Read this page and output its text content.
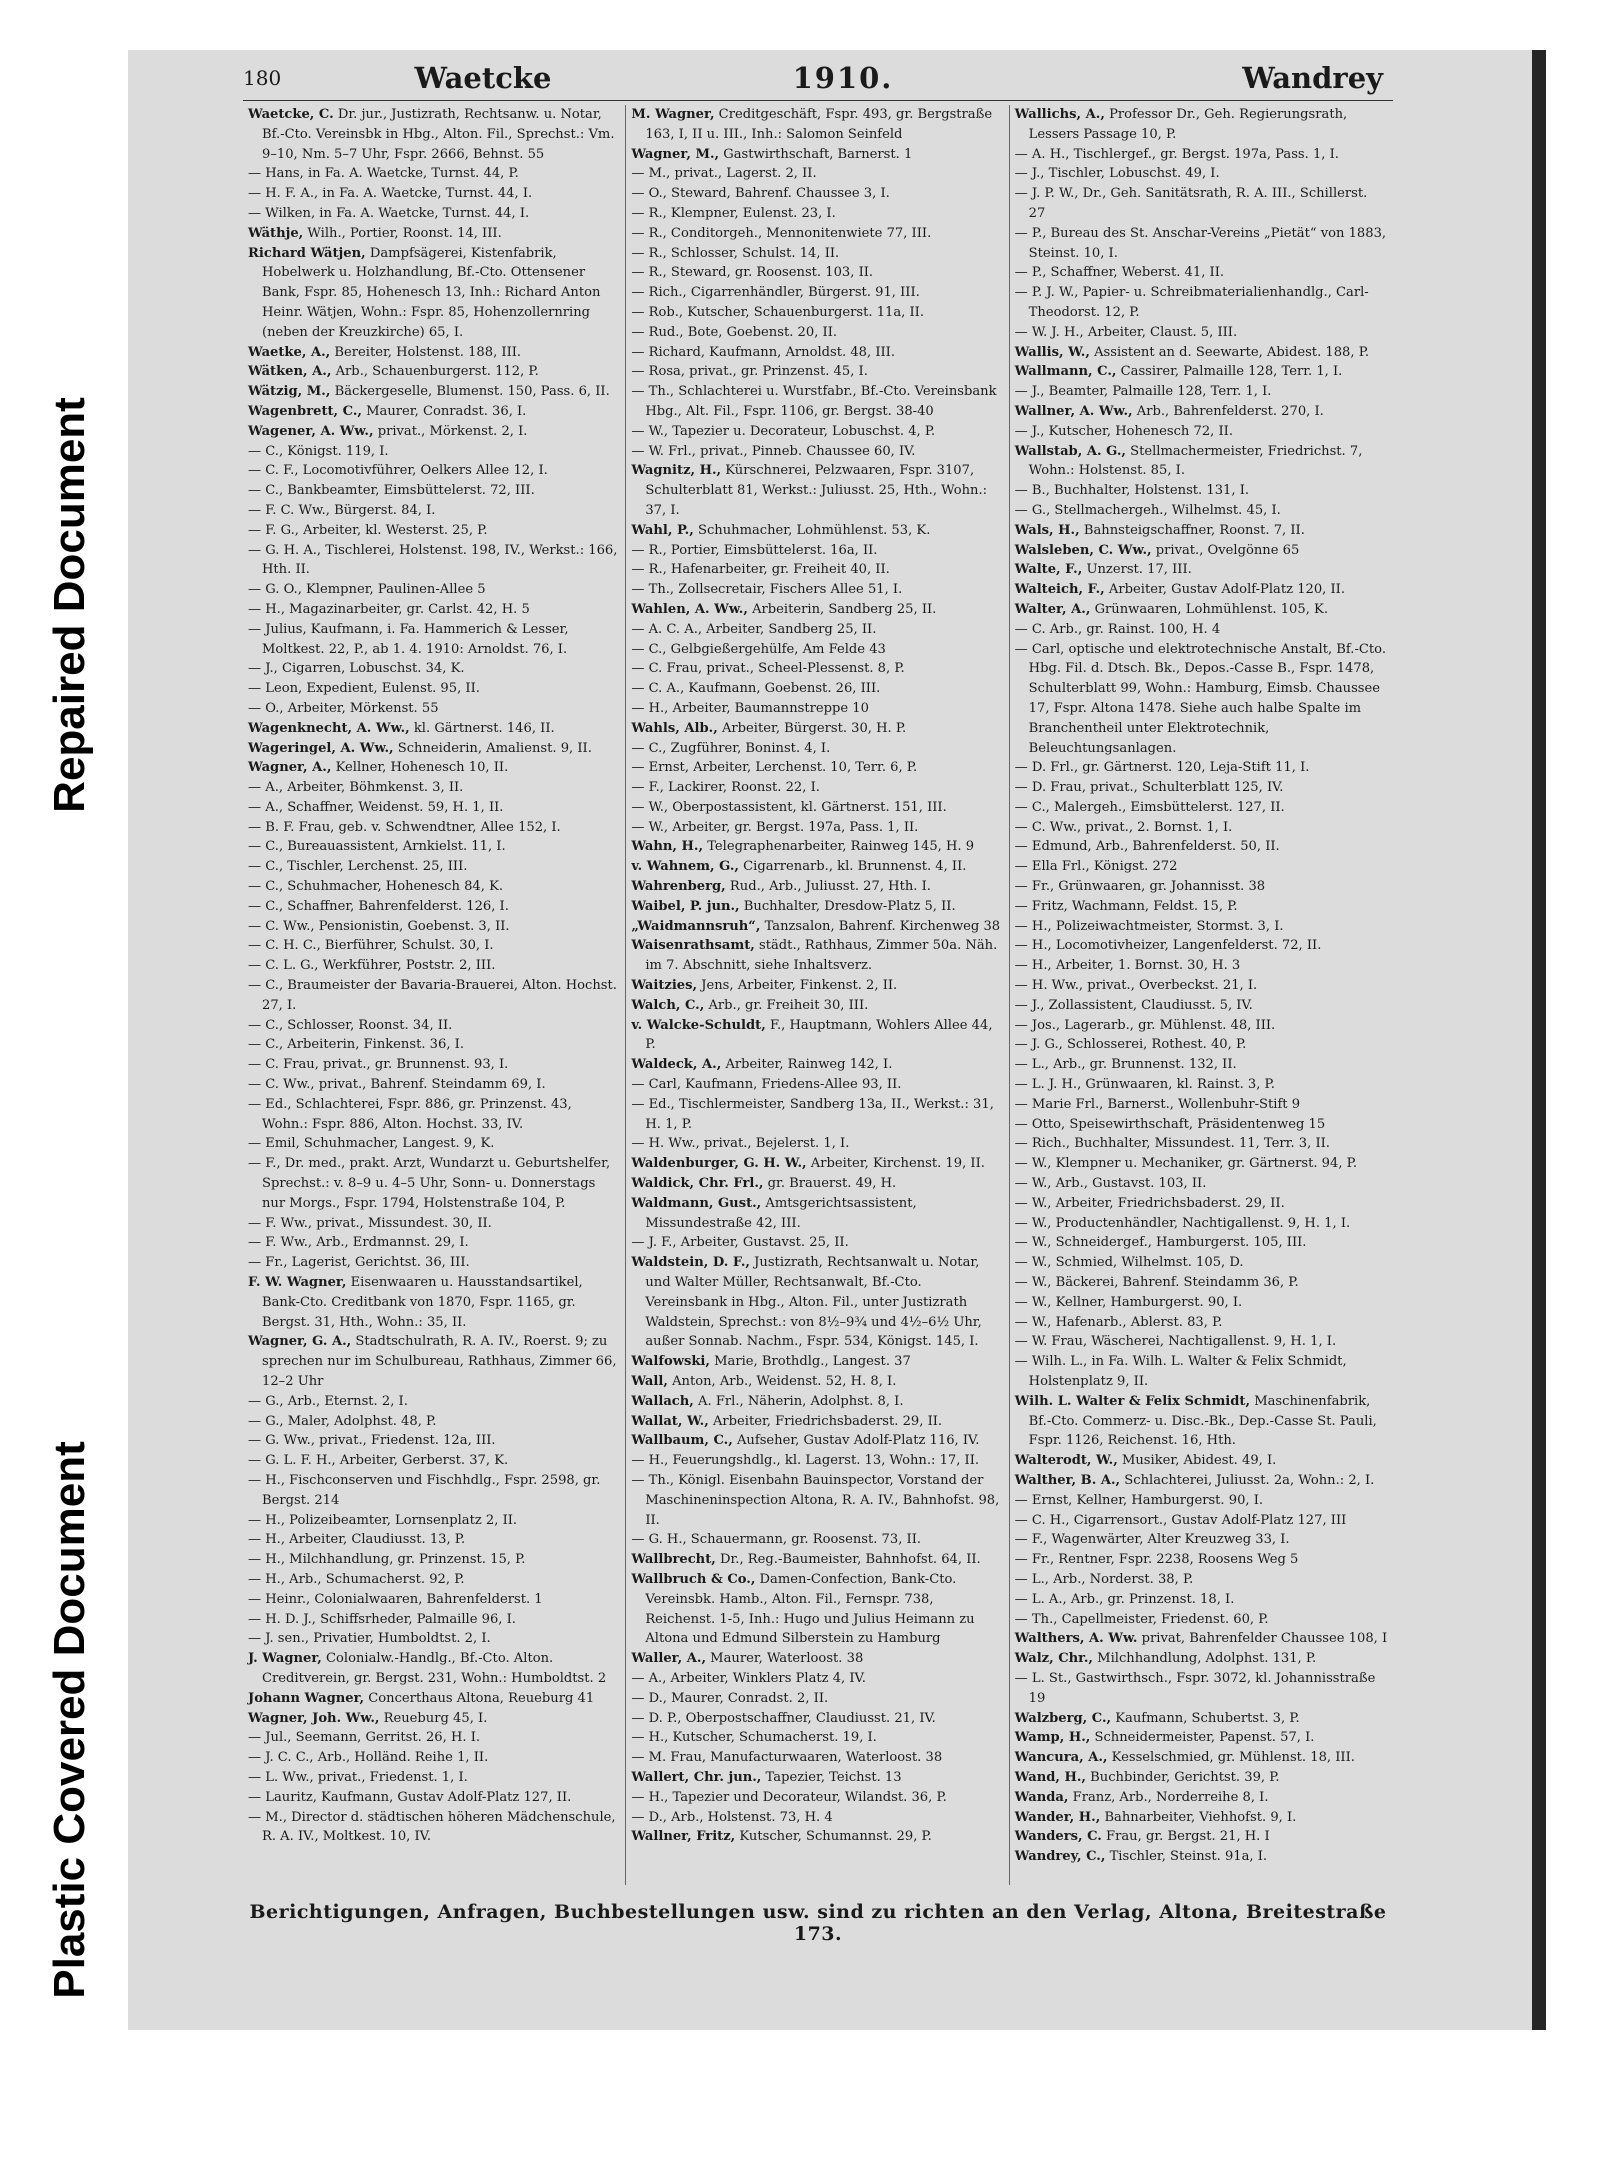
Repaired Document
Plastic Covered Document
180	Waetcke	1910.	Wandrey

Waetcke, C. Dr. jur., Justizrath, Rechtsanw. u. Notar, Bf.-Cto. Vereinsbk in Hbg., Alton. Fil., Sprechst.: Vm. 9–10, Nm. 5–7 Uhr, Fspr. 2666, Behnst. 55

— Hans, in Fa. A. Waetcke, Turnst. 44, P.

— H. F. A., in Fa. A. Waetcke, Turnst. 44, I.

— Wilken, in Fa. A. Waetcke, Turnst. 44, I.

Wäthje, Wilh., Portier, Roonst. 14, III.

Richard Wätjen, Dampfsägerei, Kistenfabrik, Hobelwerk u. Holzhandlung, Bf.-Cto. Ottensener Bank, Fspr. 85, Hohenesch 13, Inh.: Richard Anton Heinr. Wätjen, Wohn.: Fspr. 85, Hohenzollernring (neben der Kreuzkirche) 65, I.

Waetke, A., Bereiter, Holstenst. 188, III.

Wätken, A., Arb., Schauenburgerst. 112, P.

Wätzig, M., Bäckergeselle, Blumenst. 150, Pass. 6, II.

Wagenbrett, C., Maurer, Conradst. 36, I.

Wagener, A. Ww., privat., Mörkenst. 2, I.

— C., Königst. 119, I.

— C. F., Locomotivführer, Oelkers Allee 12, I.

— C., Bankbeamter, Eimsbüttelerst. 72, III.

— F. C. Ww., Bürgerst. 84, I.

— F. G., Arbeiter, kl. Westerst. 25, P.

— G. H. A., Tischlerei, Holstenst. 198, IV., Werkst.: 166, Hth. II.

— G. O., Klempner, Paulinen-Allee 5

— H., Magazinarbeiter, gr. Carlst. 42, H. 5

— Julius, Kaufmann, i. Fa. Hammerich & Lesser, Moltkest. 22, P., ab 1. 4. 1910: Arnoldst. 76, I.

— J., Cigarren, Lobuschst. 34, K.

— Leon, Expedient, Eulenst. 95, II.

— O., Arbeiter, Mörkenst. 55

Wagenknecht, A. Ww., kl. Gärtnerst. 146, II.

Wageringel, A. Ww., Schneiderin, Amalienst. 9, II.

Wagner, A., Kellner, Hohenesch 10, II.

— A., Arbeiter, Böhmkenst. 3, II.

— A., Schaffner, Weidenst. 59, H. 1, II.

— B. F. Frau, geb. v. Schwendtner, Allee 152, I.

— C., Bureauassistent, Arnkielst. 11, I.

— C., Tischler, Lerchenst. 25, III.

— C., Schuhmacher, Hohenesch 84, K.

— C., Schaffner, Bahrenfelderst. 126, I.

— C. Ww., Pensionistin, Goebenst. 3, II.

— C. H. C., Bierführer, Schulst. 30, I.

— C. L. G., Werkführer, Poststr. 2, III.

— C., Braumeister der Bavaria-Brauerei, Alton. Hochst. 27, I.

— C., Schlosser, Roonst. 34, II.

— C., Arbeiterin, Finkenst. 36, I.

— C. Frau, privat., gr. Brunnenst. 93, I.

— C. Ww., privat., Bahrenf. Steindamm 69, I.

— Ed., Schlachterei, Fspr. 886, gr. Prinzenst. 43, Wohn.: Fspr. 886, Alton. Hochst. 33, IV.

— Emil, Schuhmacher, Langest. 9, K.

— F., Dr. med., prakt. Arzt, Wundarzt u. Geburtshelfer, Sprechst.: v. 8–9 u. 4–5 Uhr, Sonn- u. Donnerstags nur Morgs., Fspr. 1794, Holstenstraße 104, P.

— F. Ww., privat., Missundest. 30, II.

— F. Ww., Arb., Erdmannst. 29, I.

— Fr., Lagerist, Gerichtst. 36, III.

F. W. Wagner, Eisenwaaren u. Hausstandsartikel, Bank-Cto. Creditbank von 1870, Fspr. 1165, gr. Bergst. 31, Hth., Wohn.: 35, II.

Wagner, G. A., Stadtschulrath, R. A. IV., Roerst. 9; zu sprechen nur im Schulbureau, Rathhaus, Zimmer 66, 12–2 Uhr

— G., Arb., Eternst. 2, I.

— G., Maler, Adolphst. 48, P.

— G. Ww., privat., Friedenst. 12a, III.

— G. L. F. H., Arbeiter, Gerberst. 37, K.

— H., Fischconserven und Fischhdlg., Fspr. 2598, gr. Bergst. 214

— H., Polizeibeamter, Lornsenplatz 2, II.

— H., Arbeiter, Claudiusst. 13, P.

— H., Milchhandlung, gr. Prinzenst. 15, P.

— H., Arb., Schumacherst. 92, P.

— Heinr., Colonialwaaren, Bahrenfelderst. 1

— H. D. J., Schiffsrheder, Palmaille 96, I.

— J. sen., Privatier, Humboldtst. 2, I.

J. Wagner, Colonialw.-Handlg., Bf.-Cto. Alton. Creditverein, gr. Bergst. 231, Wohn.: Humboldtst. 2

Johann Wagner, Concerthaus Altona, Reueburg 41

Wagner, Joh. Ww., Reueburg 45, I.

— Jul., Seemann, Gerritst. 26, H. I.

— J. C. C., Arb., Holländ. Reihe 1, II.

— L. Ww., privat., Friedenst. 1, I.

— Lauritz, Kaufmann, Gustav Adolf-Platz 127, II.

— M., Director d. städtischen höheren Mädchenschule, R. A. IV., Moltkest. 10, IV.

M. Wagner, Creditgeschäft, Fspr. 493, gr. Bergstraße 163, I, II u. III., Inh.: Salomon Seinfeld

Wagner, M., Gastwirthschaft, Barnerst. 1

— M., privat., Lagerst. 2, II.

— O., Steward, Bahrenf. Chaussee 3, I.

— R., Klempner, Eulenst. 23, I.

— R., Conditorgeh., Mennonitenwiete 77, III.

— R., Schlosser, Schulst. 14, II.

— R., Steward, gr. Roosenst. 103, II.

— Rich., Cigarrenhändler, Bürgerst. 91, III.

— Rob., Kutscher, Schauenburgerst. 11a, II.

— Rud., Bote, Goebenst. 20, II.

— Richard, Kaufmann, Arnoldst. 48, III.

— Rosa, privat., gr. Prinzenst. 45, I.

— Th., Schlachterei u. Wurstfabr., Bf.-Cto. Vereinsbank Hbg., Alt. Fil., Fspr. 1106, gr. Bergst. 38-40

— W., Tapezier u. Decorateur, Lobuschst. 4, P.

— W. Frl., privat., Pinneb. Chaussee 60, IV.

Wagnitz, H., Kürschnerei, Pelzwaaren, Fspr. 3107, Schulterblatt 81, Werkst.: Juliusst. 25, Hth., Wohn.: 37, I.

Wahl, P., Schuhmacher, Lohmühlenst. 53, K.

— R., Portier, Eimsbüttelerst. 16a, II.

— R., Hafenarbeiter, gr. Freiheit 40, II.

— Th., Zollsecretair, Fischers Allee 51, I.

Wahlen, A. Ww., Arbeiterin, Sandberg 25, II.

— A. C. A., Arbeiter, Sandberg 25, II.

— C., Gelbgießergehülfe, Am Felde 43

— C. Frau, privat., Scheel-Plessenst. 8, P.

— C. A., Kaufmann, Goebenst. 26, III.

— H., Arbeiter, Baumannstreppe 10

Wahls, Alb., Arbeiter, Bürgerst. 30, H. P.

— C., Zugführer, Boninst. 4, I.

— Ernst, Arbeiter, Lerchenst. 10, Terr. 6, P.

— F., Lackirer, Roonst. 22, I.

— W., Oberpostassistent, kl. Gärtnerst. 151, III.

— W., Arbeiter, gr. Bergst. 197a, Pass. 1, II.

Wahn, H., Telegraphenarbeiter, Rainweg 145, H. 9

v. Wahnem, G., Cigarrenarb., kl. Brunnenst. 4, II.

Wahrenberg, Rud., Arb., Juliusst. 27, Hth. I.

Waibel, P. jun., Buchhalter, Dresdow-Platz 5, II.

„Waidmannsruh“, Tanzsalon, Bahrenf. Kirchenweg 38

Waisenrathsamt, städt., Rathhaus, Zimmer 50a. Näh. im 7. Abschnitt, siehe Inhaltsverz.

Waitzies, Jens, Arbeiter, Finkenst. 2, II.

Walch, C., Arb., gr. Freiheit 30, III.

v. Walcke-Schuldt, F., Hauptmann, Wohlers Allee 44, P.

Waldeck, A., Arbeiter, Rainweg 142, I.

— Carl, Kaufmann, Friedens-Allee 93, II.

— Ed., Tischlermeister, Sandberg 13a, II., Werkst.: 31, H. 1, P.

— H. Ww., privat., Bejelerst. 1, I.

Waldenburger, G. H. W., Arbeiter, Kirchenst. 19, II.

Waldick, Chr. Frl., gr. Brauerst. 49, H.

Waldmann, Gust., Amtsgerichtsassistent, Missundestraße 42, III.

— J. F., Arbeiter, Gustavst. 25, II.

Waldstein, D. F., Justizrath, Rechtsanwalt u. Notar, und Walter Müller, Rechtsanwalt, Bf.-Cto. Vereinsbank in Hbg., Alton. Fil., unter Justizrath Waldstein, Sprechst.: von 8½–9¾ und 4½–6½ Uhr, außer Sonnab. Nachm., Fspr. 534, Königst. 145, I.

Walfowski, Marie, Brothdlg., Langest. 37

Wall, Anton, Arb., Weidenst. 52, H. 8, I.

Wallach, A. Frl., Näherin, Adolphst. 8, I.

Wallat, W., Arbeiter, Friedrichsbaderst. 29, II.

Wallbaum, C., Aufseher, Gustav Adolf-Platz 116, IV.

— H., Feuerungshdlg., kl. Lagerst. 13, Wohn.: 17, II.

— Th., Königl. Eisenbahn Bauinspector, Vorstand der Maschineninspection Altona, R. A. IV., Bahnhofst. 98, II.

— G. H., Schauermann, gr. Roosenst. 73, II.

Wallbrecht, Dr., Reg.-Baumeister, Bahnhofst. 64, II.

Wallbruch & Co., Damen-Confection, Bank-Cto. Vereinsbk. Hamb., Alton. Fil., Fernspr. 738, Reichenst. 1-5, Inh.: Hugo und Julius Heimann zu Altona und Edmund Silberstein zu Hamburg

Waller, A., Maurer, Waterloost. 38

— A., Arbeiter, Winklers Platz 4, IV.

— D., Maurer, Conradst. 2, II.

— D. P., Oberpostschaffner, Claudiusst. 21, IV.

— H., Kutscher, Schumacherst. 19, I.

— M. Frau, Manufacturwaaren, Waterloost. 38

Wallert, Chr. jun., Tapezier, Teichst. 13

— H., Tapezier und Decorateur, Wilandst. 36, P.

— D., Arb., Holstenst. 73, H. 4

Wallner, Fritz, Kutscher, Schumannst. 29, P.

Wallichs, A., Professor Dr., Geh. Regierungsrath, Lessers Passage 10, P.

— A. H., Tischlergef., gr. Bergst. 197a, Pass. 1, I.

— J., Tischler, Lobuschst. 49, I.

— J. P. W., Dr., Geh. Sanitätsrath, R. A. III., Schillerst. 27

— P., Bureau des St. Anschar-Vereins „Pietät“ von 1883, Steinst. 10, I.

— P., Schaffner, Weberst. 41, II.

— P. J. W., Papier- u. Schreibmaterialienhandlg., Carl-Theodorst. 12, P.

— W. J. H., Arbeiter, Claust. 5, III.

Wallis, W., Assistent an d. Seewarte, Abidest. 188, P.

Wallmann, C., Cassirer, Palmaille 128, Terr. 1, I.

— J., Beamter, Palmaille 128, Terr. 1, I.

Wallner, A. Ww., Arb., Bahrenfelderst. 270, I.

— J., Kutscher, Hohenesch 72, II.

Wallstab, A. G., Stellmachermeister, Friedrichst. 7, Wohn.: Holstenst. 85, I.

— B., Buchhalter, Holstenst. 131, I.

— G., Stellmachergeh., Wilhelmst. 45, I.

Wals, H., Bahnsteigschaffner, Roonst. 7, II.

Walsleben, C. Ww., privat., Ovelgönne 65

Walte, F., Unzerst. 17, III.

Walteich, F., Arbeiter, Gustav Adolf-Platz 120, II.

Walter, A., Grünwaaren, Lohmühlenst. 105, K.

— C. Arb., gr. Rainst. 100, H. 4

— Carl, optische und elektrotechnische Anstalt, Bf.-Cto. Hbg. Fil. d. Dtsch. Bk., Depos.-Casse B., Fspr. 1478, Schulterblatt 99, Wohn.: Hamburg, Eimsb. Chaussee 17, Fspr. Altona 1478. Siehe auch halbe Spalte im Branchentheil unter Elektrotechnik, Beleuchtungsanlagen.

— D. Frl., gr. Gärtnerst. 120, Leja-Stift 11, I.

— D. Frau, privat., Schulterblatt 125, IV.

— C., Malergeh., Eimsbüttelerst. 127, II.

— C. Ww., privat., 2. Bornst. 1, I.

— Edmund, Arb., Bahrenfelderst. 50, II.

— Ella Frl., Königst. 272

— Fr., Grünwaaren, gr. Johannisst. 38

— Fritz, Wachmann, Feldst. 15, P.

— H., Polizeiwachtmeister, Stormst. 3, I.

— H., Locomotivheizer, Langenfelderst. 72, II.

— H., Arbeiter, 1. Bornst. 30, H. 3

— H. Ww., privat., Overbeckst. 21, I.

— J., Zollassistent, Claudiusst. 5, IV.

— Jos., Lagerarb., gr. Mühlenst. 48, III.

— J. G., Schlosserei, Rothest. 40, P.

— L., Arb., gr. Brunnenst. 132, II.

— L. J. H., Grünwaaren, kl. Rainst. 3, P.

— Marie Frl., Barnerst., Wollenbuhr-Stift 9

— Otto, Speisewirthschaft, Präsidentenweg 15

— Rich., Buchhalter, Missundest. 11, Terr. 3, II.

— W., Klempner u. Mechaniker, gr. Gärtnerst. 94, P.

— W., Arb., Gustavst. 103, II.

— W., Arbeiter, Friedrichsbaderst. 29, II.

— W., Productenhändler, Nachtigallenst. 9, H. 1, I.

— W., Schneidergef., Hamburgerst. 105, III.

— W., Schmied, Wilhelmst. 105, D.

— W., Bäckerei, Bahrenf. Steindamm 36, P.

— W., Kellner, Hamburgerst. 90, I.

— W., Hafenarb., Ablerst. 83, P.

— W. Frau, Wäscherei, Nachtigallenst. 9, H. 1, I.

— Wilh. L., in Fa. Wilh. L. Walter & Felix Schmidt, Holstenplatz 9, II.

Wilh. L. Walter & Felix Schmidt, Maschinenfabrik, Bf.-Cto. Commerz- u. Disc.-Bk., Dep.-Casse St. Pauli, Fspr. 1126, Reichenst. 16, Hth.

Walterodt, W., Musiker, Abidest. 49, I.

Walther, B. A., Schlachterei, Juliusst. 2a, Wohn.: 2, I.

— Ernst, Kellner, Hamburgerst. 90, I.

— C. H., Cigarrensort., Gustav Adolf-Platz 127, III

— F., Wagenwärter, Alter Kreuzweg 33, I.

— Fr., Rentner, Fspr. 2238, Roosens Weg 5

— L., Arb., Norderst. 38, P.

— L. A., Arb., gr. Prinzenst. 18, I.

— Th., Capellmeister, Friedenst. 60, P.

Walthers, A. Ww. privat, Bahrenfelder Chaussee 108, I

Walz, Chr., Milchhandlung, Adolphst. 131, P.

— L. St., Gastwirthsch., Fspr. 3072, kl. Johannisstraße 19

Walzberg, C., Kaufmann, Schubertst. 3, P.

Wamp, H., Schneidermeister, Papenst. 57, I.

Wancura, A., Kesselschmied, gr. Mühlenst. 18, III.

Wand, H., Buchbinder, Gerichtst. 39, P.

Wanda, Franz, Arb., Norderreihe 8, I.

Wander, H., Bahnarbeiter, Viehhofst. 9, I.

Wanders, C. Frau, gr. Bergst. 21, H. I

Wandrey, C., Tischler, Steinst. 91a, I.

Berichtigungen, Anfragen, Buchbestellungen usw. sind zu richten an den Verlag, Altona, Breitestraße 173.
